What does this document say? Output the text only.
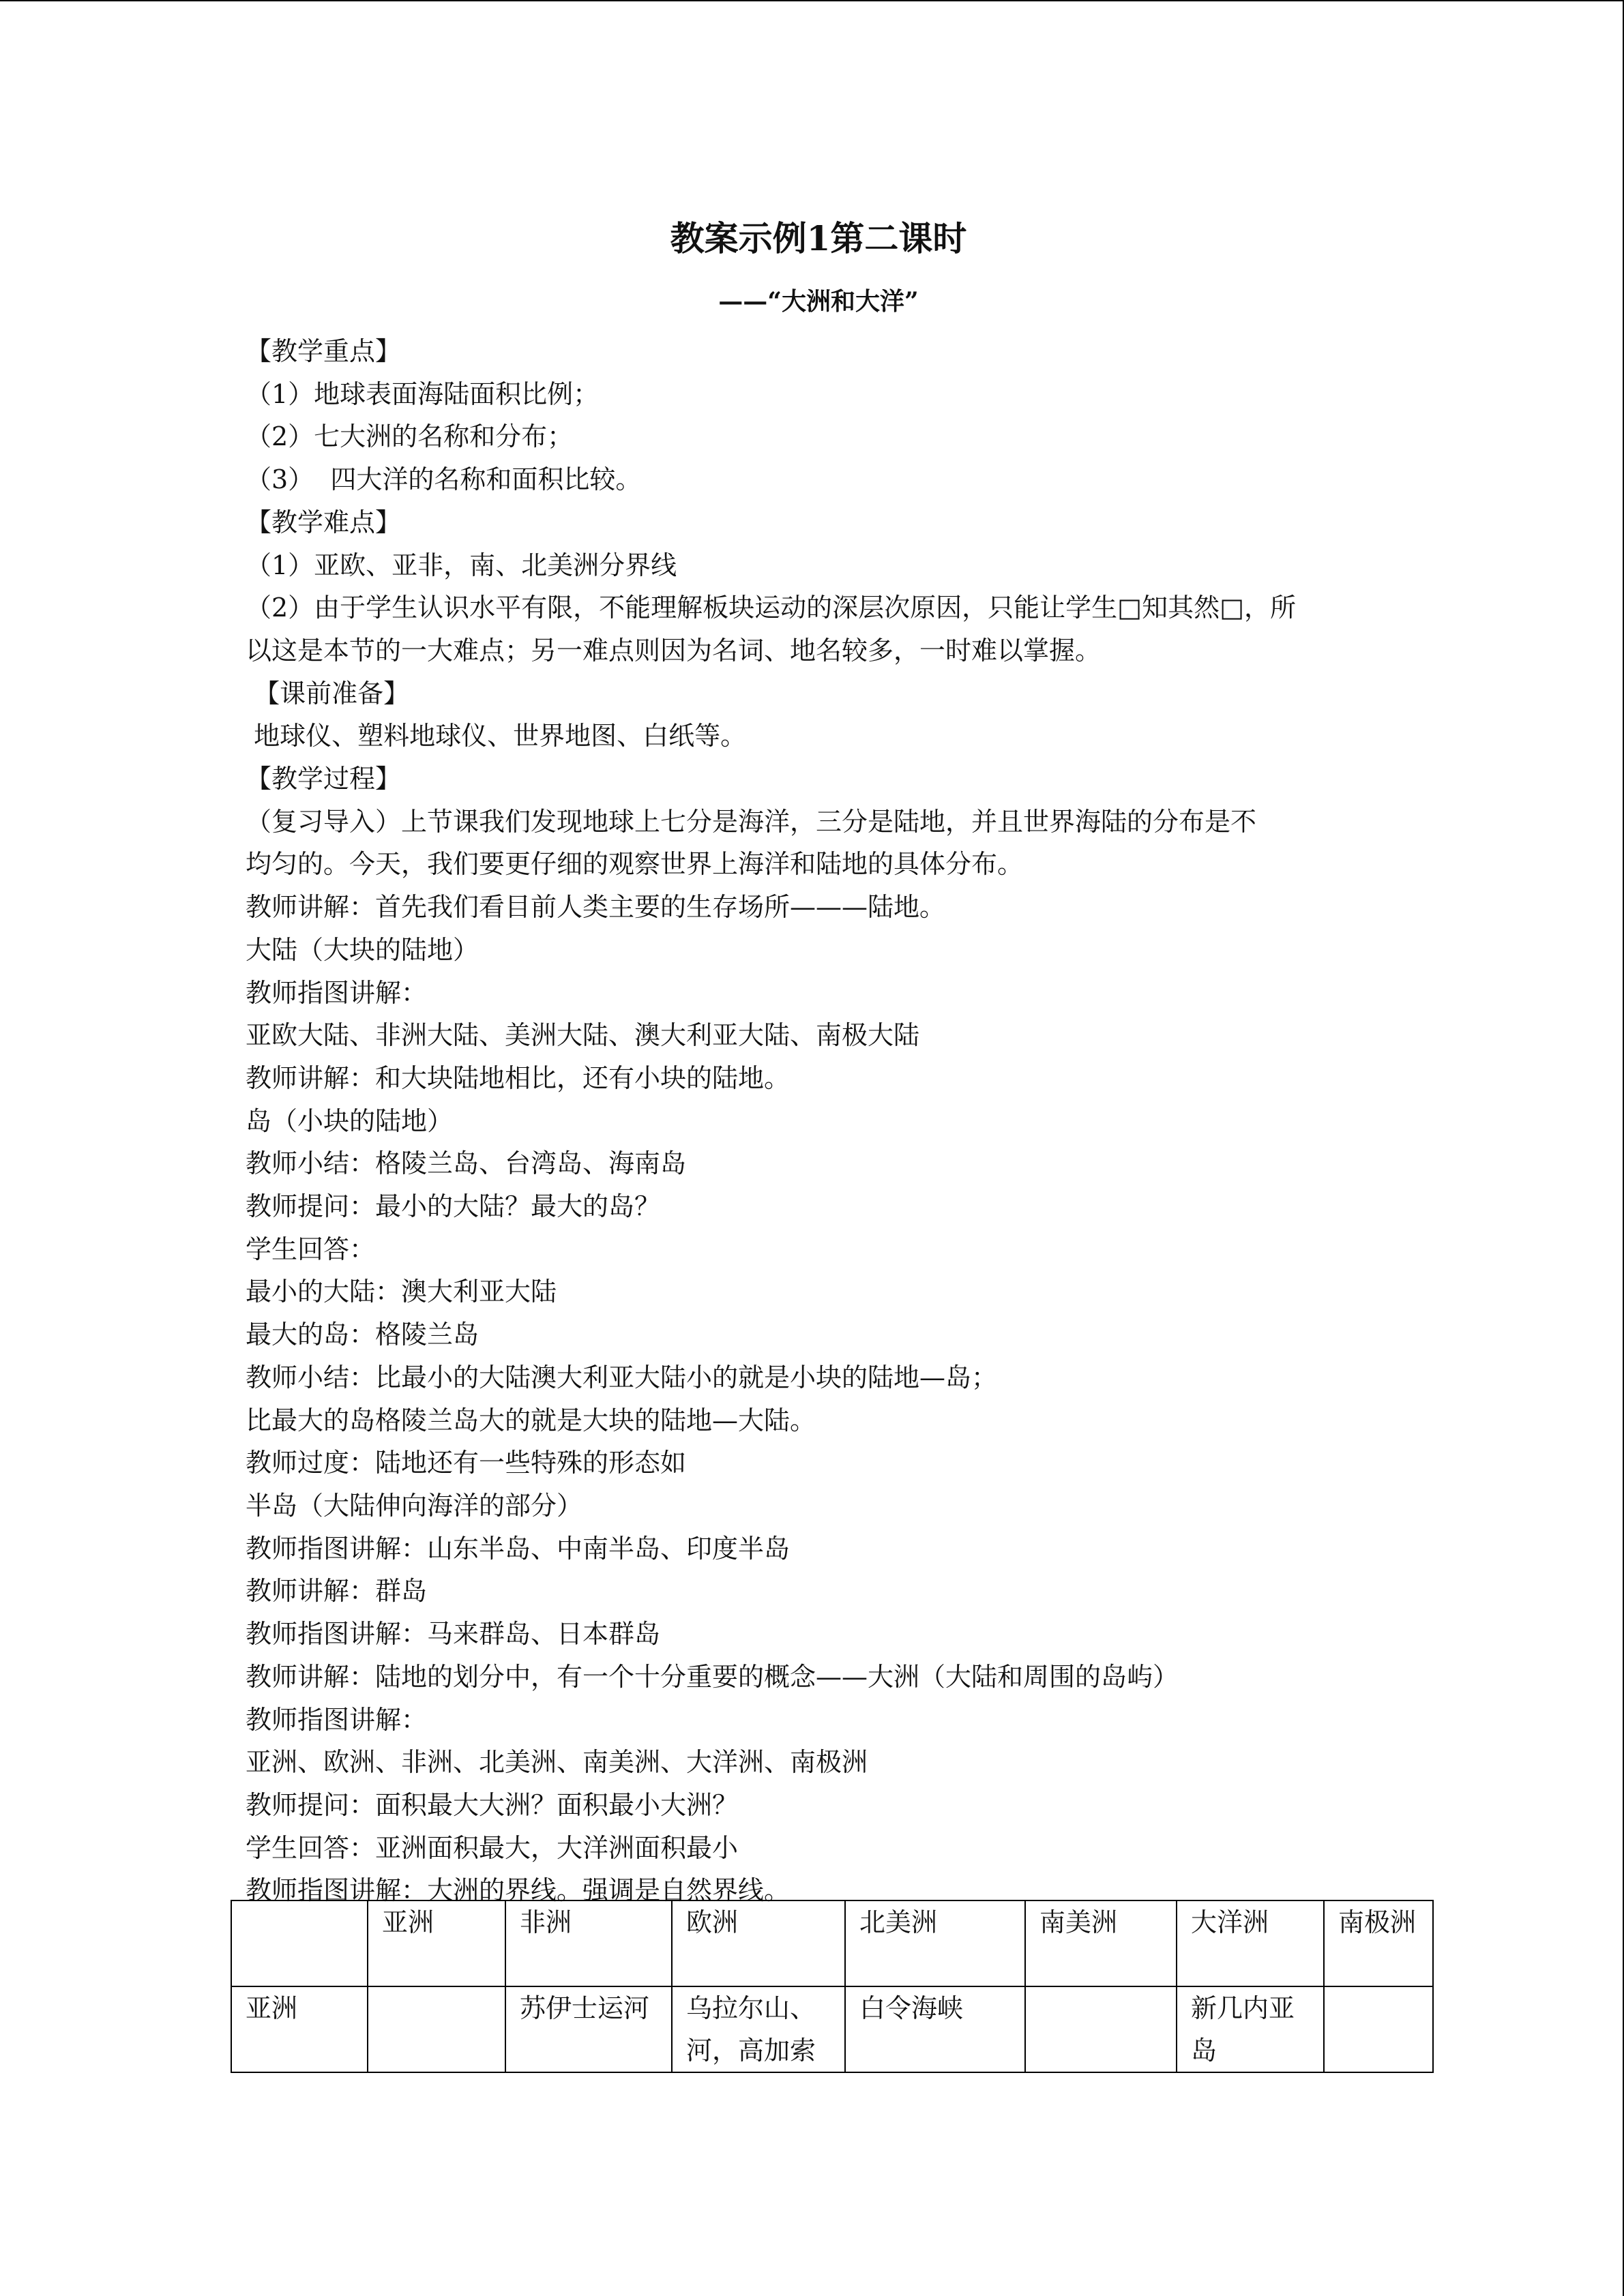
教案示例1第二课时

——“大洲和大洋”

【教学重点】

（1）地球表面海陆面积比例；

（2）七大洲的名称和分布；

（3）  四大洋的名称和面积比较。

【教学难点】

（1）亚欧、亚非，南、北美洲分界线

（2）由于学生认识水平有限，不能理解板块运动的深层次原因，只能让学生□知其然□，所

以这是本节的一大难点；另一难点则因为名词、地名较多，一时难以掌握。

【课前准备】

地球仪、塑料地球仪、世界地图、白纸等。

【教学过程】

（复习导入）上节课我们发现地球上七分是海洋，三分是陆地，并且世界海陆的分布是不

均匀的。今天，我们要更仔细的观察世界上海洋和陆地的具体分布。

教师讲解：首先我们看目前人类主要的生存场所———陆地。

大陆（大块的陆地）

教师指图讲解：

亚欧大陆、非洲大陆、美洲大陆、澳大利亚大陆、南极大陆

教师讲解：和大块陆地相比，还有小块的陆地。

岛（小块的陆地）

教师小结：格陵兰岛、台湾岛、海南岛

教师提问：最小的大陆？最大的岛？

学生回答：

最小的大陆：澳大利亚大陆

最大的岛：格陵兰岛

教师小结：比最小的大陆澳大利亚大陆小的就是小块的陆地—岛；

比最大的岛格陵兰岛大的就是大块的陆地—大陆。

教师过度：陆地还有一些特殊的形态如

半岛（大陆伸向海洋的部分）

教师指图讲解：山东半岛、中南半岛、印度半岛

教师讲解：群岛

教师指图讲解：马来群岛、日本群岛

教师讲解：陆地的划分中，有一个十分重要的概念——大洲（大陆和周围的岛屿）

教师指图讲解：

亚洲、欧洲、非洲、北美洲、南美洲、大洋洲、南极洲

教师提问：面积最大大洲？面积最小大洲？

学生回答：亚洲面积最大，大洋洲面积最小

教师指图讲解：大洲的界线。强调是自然界线。

	亚洲	非洲	欧洲	北美洲	南美洲	大洋洲	南极洲
亚洲		苏伊士运河	乌拉尔山、河，高加索	白令海峡		新几内亚岛	
